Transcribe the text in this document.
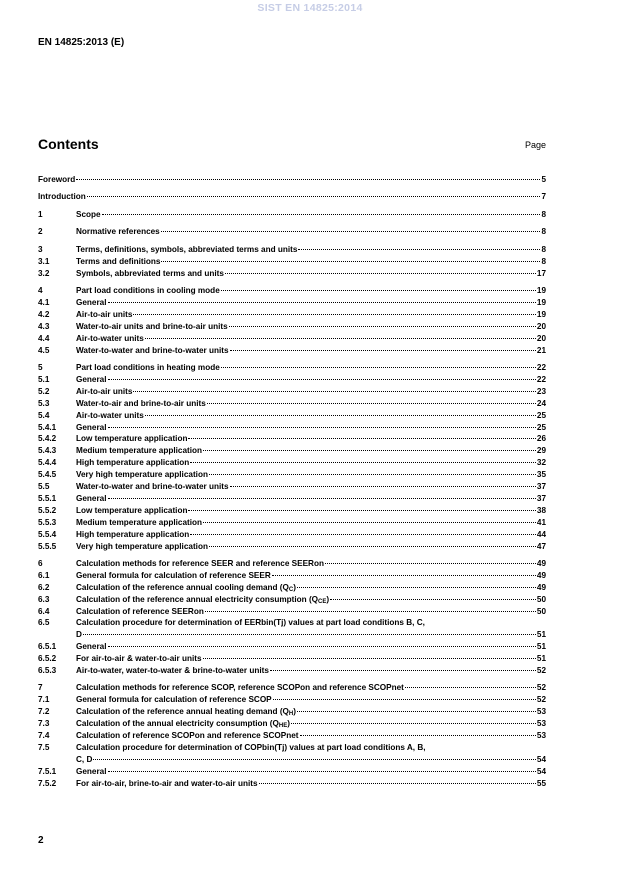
SIST EN 14825:2014
EN 14825:2013 (E)
Contents	Page
Foreword	5
Introduction	7
1	Scope	8
2	Normative references	8
3	Terms, definitions, symbols, abbreviated terms and units	8
3.1	Terms and definitions	8
3.2	Symbols, abbreviated terms and units	17
4	Part load conditions in cooling mode	19
4.1	General	19
4.2	Air-to-air units	19
4.3	Water-to-air units and brine-to-air units	20
4.4	Air-to-water units	20
4.5	Water-to-water and brine-to-water units	21
5	Part load conditions in heating mode	22
5.1	General	22
5.2	Air-to-air units	23
5.3	Water-to-air and brine-to-air units	24
5.4	Air-to-water units	25
5.4.1 General	25
5.4.2 Low temperature application	26
5.4.3 Medium temperature application	29
5.4.4 High temperature application	32
5.4.5 Very high temperature application	35
5.5	Water-to-water and brine-to-water units	37
5.5.1 General	37
5.5.2 Low temperature application	38
5.5.3 Medium temperature application	41
5.5.4 High temperature application	44
5.5.5 Very high temperature application	47
6	Calculation methods for reference SEER and reference SEERon	49
6.1	General formula for calculation of reference SEER	49
6.2	Calculation of the reference annual cooling demand $(Q_C)$	49
6.3	Calculation of the reference annual electricity consumption $(Q_{CE})$	50
6.4	Calculation of reference SEERon	50
6.5	Calculation procedure for determination of EERbin(Tj) values at part load conditions B, C,
D	51
6.5.1 General	51
6.5.2 For air-to-air & water-to-air units	51
6.5.3 Air-to-water, water-to-water & brine-to-water units	52
7	Calculation methods for reference SCOP, reference SCOPon and reference SCOPnet	52
7.1	General formula for calculation of reference SCOP	52
7.2	Calculation of the reference annual heating demand $(Q_H)$	53
7.3	Calculation of the annual electricity consumption $(Q_{HE})$	53
7.4	Calculation of reference SCOPon and reference SCOPnet	53
7.5	Calculation procedure for determination of COPbin(Tj) values at part load conditions A, B,
C, D	54
7.5.1 General	54
7.5.2 For air-to-air, brine-to-air and water-to-air units	55
2
